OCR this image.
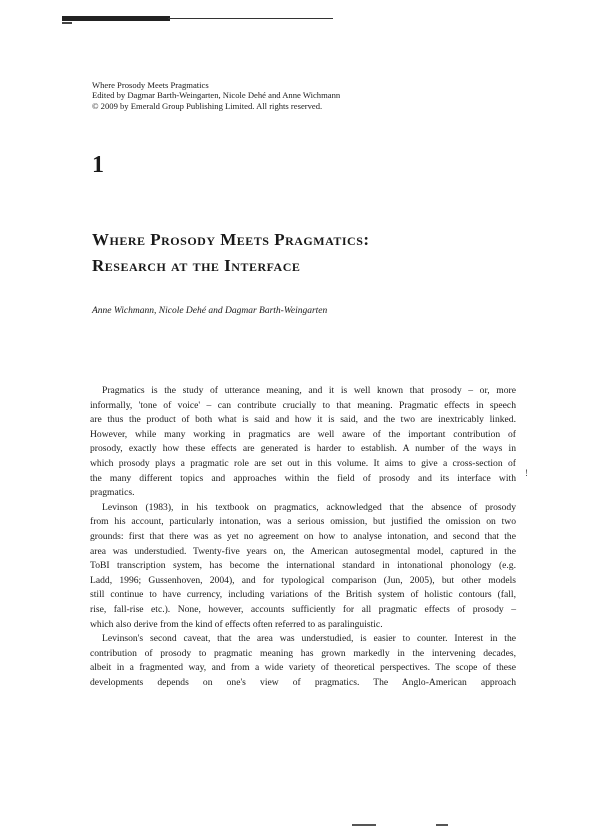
Where Prosody Meets Pragmatics
Edited by Dagmar Barth-Weingarten, Nicole Dehé and Anne Wichmann
© 2009 by Emerald Group Publishing Limited. All rights reserved.
1
Where Prosody Meets Pragmatics:
Research at the Interface
Anne Wichmann, Nicole Dehé and Dagmar Barth-Weingarten
Pragmatics is the study of utterance meaning, and it is well known that prosody – or, more
informally, 'tone of voice' – can contribute crucially to that meaning. Pragmatic effects in speech
are thus the product of both what is said and how it is said, and the two are inextricably linked.
However, while many working in pragmatics are well aware of the important contribution of
prosody, exactly how these effects are generated is harder to establish. A number of the ways in
which prosody plays a pragmatic role are set out in this volume. It aims to give a cross-section of
the many different topics and approaches within the field of prosody and its interface with
pragmatics.
Levinson (1983), in his textbook on pragmatics, acknowledged that the absence of prosody
from his account, particularly intonation, was a serious omission, but justified the omission on two
grounds: first that there was as yet no agreement on how to analyse intonation, and second that the
area was understudied. Twenty-five years on, the American autosegmental model, captured in the
ToBI transcription system, has become the international standard in intonational phonology (e.g.
Ladd, 1996; Gussenhoven, 2004), and for typological comparison (Jun, 2005), but other models
still continue to have currency, including variations of the British system of holistic contours (fall,
rise, fall-rise etc.). None, however, accounts sufficiently for all pragmatic effects of prosody –
which also derive from the kind of effects often referred to as paralinguistic.
Levinson's second caveat, that the area was understudied, is easier to counter. Interest in the
contribution of prosody to pragmatic meaning has grown markedly in the intervening decades,
albeit in a fragmented way, and from a wide variety of theoretical perspectives. The scope of these
developments depends on one's view of pragmatics. The Anglo-American approach
!
